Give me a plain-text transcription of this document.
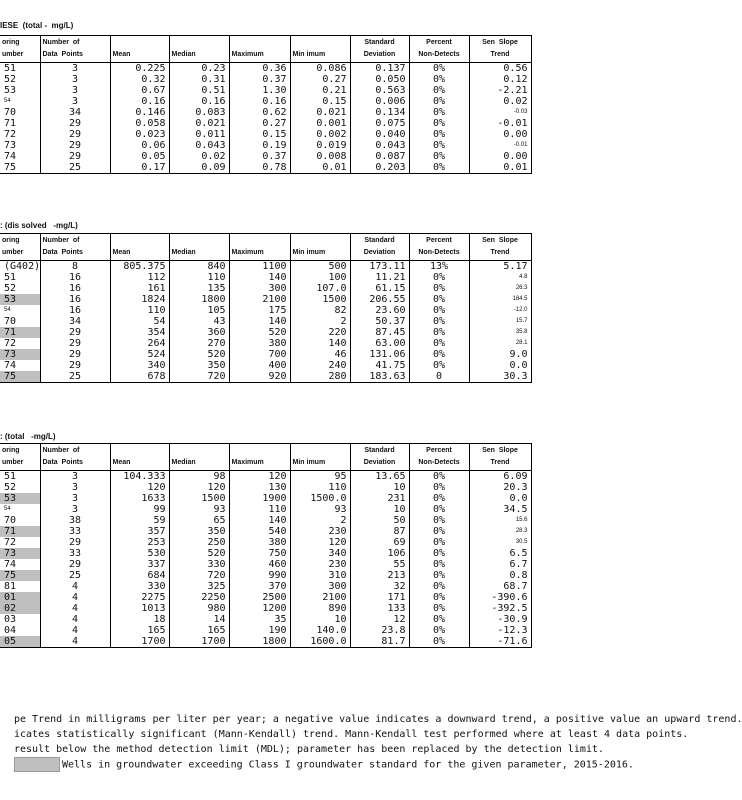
IESE  (total -  mg/L)
oring
umber	Number  of
Data  Points	Mean	Median	Maximum	Min imum	Standard
Deviation	Percent
Non-Detects	Sen  Slope
Trend
51	3	0.225	0.23	0.36	0.086	0.137	0%	0.56
52	3	0.32	0.31	0.37	0.27	0.050	0%	0.12
53	3	0.67	0.51	1.30	0.21	0.563	0%	-2.21
54	3	0.16	0.16	0.16	0.15	0.006	0%	0.02
70	34	0.146	0.083	0.62	0.021	0.134	0%	-0.03
71	29	0.058	0.021	0.27	0.001	0.075	0%	-0.01
72	29	0.023	0.011	0.15	0.002	0.040	0%	0.00
73	29	0.06	0.043	0.19	0.019	0.043	0%	-0.01
74	29	0.05	0.02	0.37	0.008	0.087	0%	0.00
75	25	0.17	0.09	0.78	0.01	0.203	0%	0.01
: (dis solved   -mg/L)
oring
umber	Number  of
Data  Points	Mean	Median	Maximum	Min imum	Standard
Deviation	Percent
Non-Detects	Sen  Slope
Trend
(G402)	8	805.375	840	1100	500	173.11	13%	5.17
51	16	112	110	140	100	11.21	0%	4.8
52	16	161	135	300	107.0	61.15	0%	26.3
53	16	1824	1800	2100	1500	206.55	0%	184.5
54	16	110	105	175	82	23.60	0%	-12.0
70	34	54	43	140	2	50.37	0%	15.7
71	29	354	360	520	220	87.45	0%	35.8
72	29	264	270	380	140	63.00	0%	28.1
73	29	524	520	700	46	131.06	0%	9.0
74	29	340	350	400	240	41.75	0%	0.0
75	25	678	720	920	280	183.63	0	30.3
: (total   -mg/L)
oring
umber	Number  of
Data  Points	Mean	Median	Maximum	Min imum	Standard
Deviation	Percent
Non-Detects	Sen  Slope
Trend
51	3	104.333	98	120	95	13.65	0%	6.09
52	3	120	120	130	110	10	0%	20.3
53	3	1633	1500	1900	1500.0	231	0%	0.0
54	3	99	93	110	93	10	0%	34.5
70	38	59	65	140	2	50	0%	15.6
71	33	357	350	540	230	87	0%	28.3
72	29	253	250	380	120	69	0%	30.5
73	33	530	520	750	340	106	0%	6.5
74	29	337	330	460	230	55	0%	6.7
75	25	684	720	990	310	213	0%	0.8
81	4	330	325	370	300	32	0%	68.7
01	4	2275	2250	2500	2100	171	0%	-390.6
02	4	1013	980	1200	890	133	0%	-392.5
03	4	18	14	35	10	12	0%	-30.9
04	4	165	165	190	140.0	23.8	0%	-12.3
05	4	1700	1700	1800	1600.0	81.7	0%	-71.6
pe Trend in milligrams per liter per year; a negative value indicates a downward trend, a positive value an upward trend.
icates statistically significant (Mann-Kendall) trend. Mann-Kendall test performed where at least 4 data points.
result below the method detection limit (MDL); parameter has been replaced by the detection limit.
Wells in groundwater exceeding Class I groundwater standard for the given parameter, 2015-2016.
